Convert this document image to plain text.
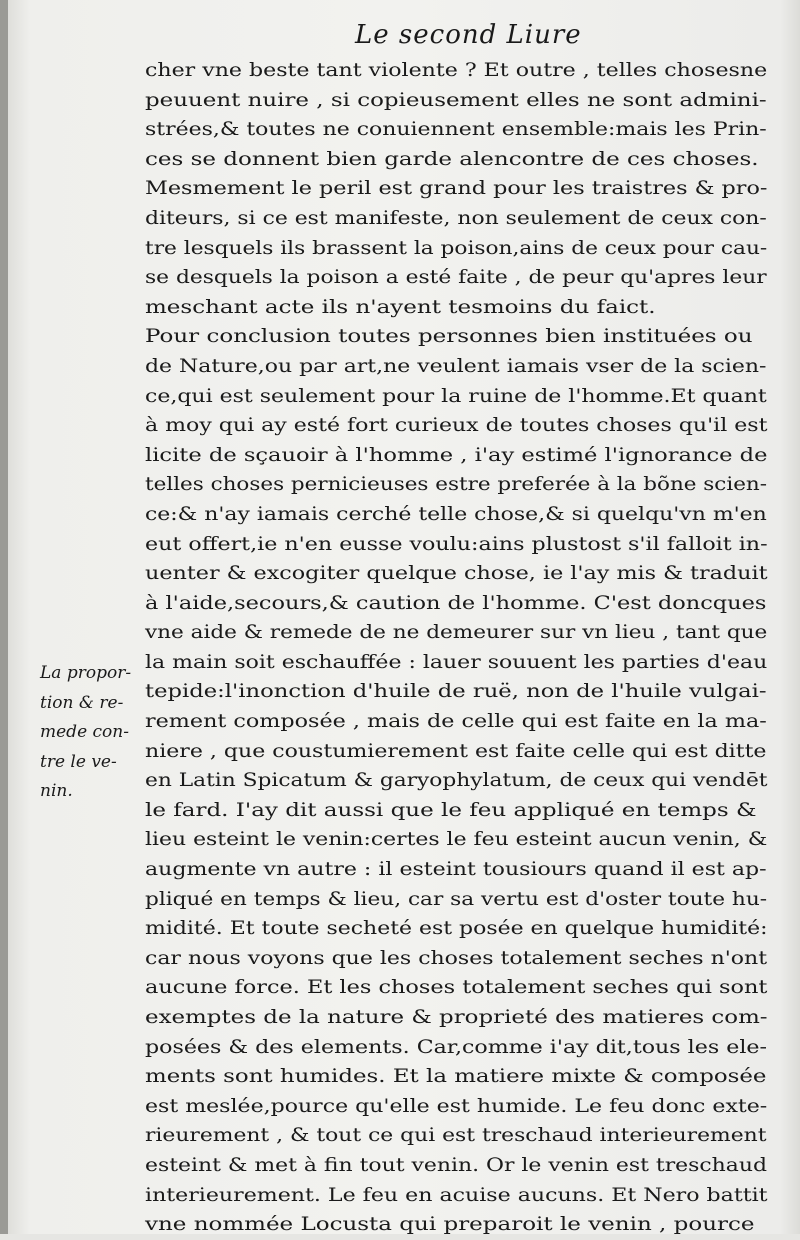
Le second Liure
cher vne beste tant violente ? Et outre , telles chosesne
peuuent nuire , si copieusement elles ne sont admini-
strées,& toutes ne conuiennent ensemble:mais les Prin-
ces se donnent bien garde alencontre de ces choses.
Mesmement le peril est grand pour les traistres & pro-
diteurs, si ce est manifeste, non seulement de ceux con-
tre lesquels ils brassent la poison,ains de ceux pour cau-
se desquels la poison a esté faite , de peur qu'apres leur
meschant acte ils n'ayent tesmoins du faict.
Pour conclusion toutes personnes bien instituées ou
de Nature,ou par art,ne veulent iamais vser de la scien-
ce,qui est seulement pour la ruine de l'homme.Et quant
à moy qui ay esté fort curieux de toutes choses qu'il est
licite de sçauoir à l'homme , i'ay estimé l'ignorance de
telles choses pernicieuses estre preferée à la bõne scien-
ce:& n'ay iamais cerché telle chose,& si quelqu'vn m'en
eut offert,ie n'en eusse voulu:ains plustost s'il falloit in-
uenter & excogiter quelque chose, ie l'ay mis & traduit
à l'aide,secours,& caution de l'homme. C'est doncques
vne aide & remede de ne demeurer sur vn lieu , tant que
la main soit eschauffée : lauer souuent les parties d'eau
tepide:l'inonction d'huile de ruë, non de l'huile vulgai-
rement composée , mais de celle qui est faite en la ma-
niere , que coustumierement est faite celle qui est ditte
en Latin Spicatum & garyophylatum, de ceux qui vendēt
le fard. I'ay dit aussi que le feu appliqué en temps &
lieu esteint le venin:certes le feu esteint aucun venin, &
augmente vn autre : il esteint tousiours quand il est ap-
pliqué en temps & lieu, car sa vertu est d'oster toute hu-
midité. Et toute secheté est posée en quelque humidité:
car nous voyons que les choses totalement seches n'ont
aucune force. Et les choses totalement seches qui sont
exemptes de la nature & proprieté des matieres com-
posées & des elements. Car,comme i'ay dit,tous les ele-
ments sont humides. Et la matiere mixte & composée
est meslée,pource qu'elle est humide. Le feu donc exte-
rieurement , & tout ce qui est treschaud interieurement
esteint & met à fin tout venin. Or le venin est treschaud
interieurement. Le feu en acuise aucuns. Et Nero battit
vne nommée Locusta qui preparoit le venin , pource
La propor-
tion & re-
mede con-
tre le ve-
nin.
